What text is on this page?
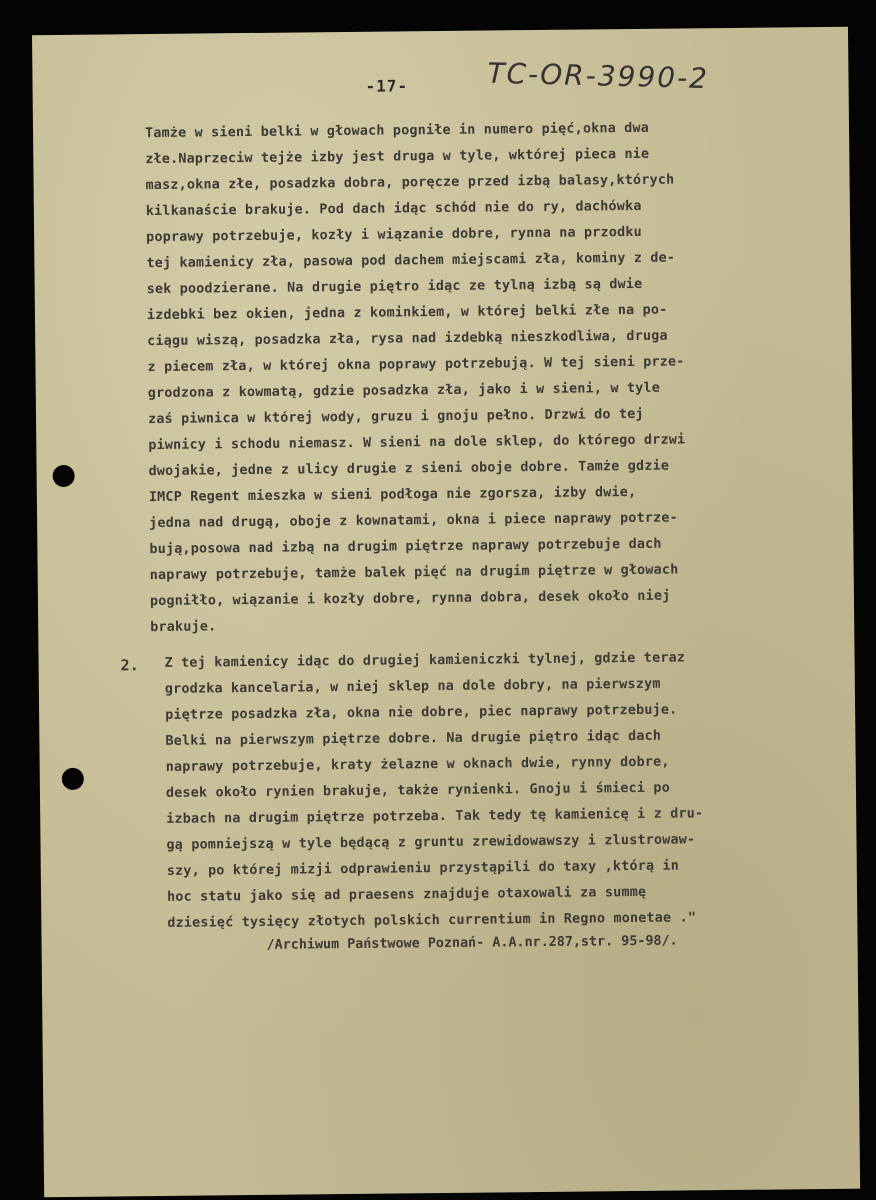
-17-	TC-OR-3990-2
Tamże w sieni belki w głowach pogniłe in numero pięć,okna dwa
złe.Naprzeciw tejże izby jest druga w tyle, wktórej pieca nie
masz,okna złe, posadzka dobra, poręcze przed izbą balasy,których
kilkanaście brakuje. Pod dach idąc schód nie do ry, dachówka
poprawy potrzebuje, kozły i wiązanie dobre, rynna na przodku
tej kamienicy zła, pasowa pod dachem miejscami zła, kominy z de-
sek poodzierane. Na drugie piętro idąc ze tylną izbą są dwie
izdebki bez okien, jedna z kominkiem, w której belki złe na po-
ciągu wiszą, posadzka zła, rysa nad izdebką nieszkodliwa, druga
z piecem zła, w której okna poprawy potrzebują. W tej sieni prze-
grodzona z kowmatą, gdzie posadzka zła, jako i w sieni, w tyle
zaś piwnica w której wody, gruzu i gnoju pełno. Drzwi do tej
piwnicy i schodu niemasz. W sieni na dole sklep, do którego drzwi
dwojakie, jedne z ulicy drugie z sieni oboje dobre. Tamże gdzie
IMCP Regent mieszka w sieni podłoga nie zgorsza, izby dwie,
jedna nad drugą, oboje z kownatami, okna i piece naprawy potrze-
bują,posowa nad izbą na drugim piętrze naprawy potrzebuje dach
naprawy potrzebuje, tamże balek pięć na drugim piętrze w głowach
pogniłło, wiązanie i kozły dobre, rynna dobra, desek około niej
brakuje.
2. Z tej kamienicy idąc do drugiej kamieniczki tylnej, gdzie teraz
grodzka kancelaria, w niej sklep na dole dobry, na pierwszym
piętrze posadzka zła, okna nie dobre, piec naprawy potrzebuje.
Belki na pierwszym piętrze dobre. Na drugie piętro idąc dach
naprawy potrzebuje, kraty żelazne w oknach dwie, rynny dobre,
desek około rynien brakuje, także rynienki. Gnoju i śmieci po
izbach na drugim piętrze potrzeba. Tak tedy tę kamienicę i z dru-
gą pomniejszą w tyle będącą z gruntu zrewidowawszy i zlustrowaw-
szy, po której mizji odprawieniu przystąpili do taxy ,którą in
hoc statu jako się ad praesens znajduje otaxowali za summę
dziesięć tysięcy złotych polskich currentium in Regno monetae ."
/Archiwum Państwowe Poznań- A.A.nr.287,str. 95-98/.
